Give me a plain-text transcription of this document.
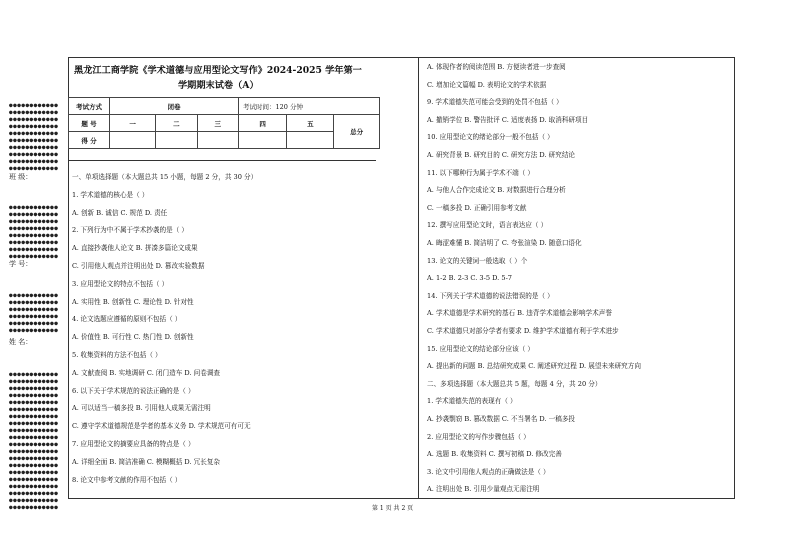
●●●●●●●●●●●●
●●●●●●●●●●●●
●●●●●●●●●●●●
●●●●●●●●●●●●
●●●●●●●●●●●●
●●●●●●●●●●●●
●●●●●●●●●●●●
●●●●●●●●●●●●
●●●●●●●●●●●●
●●●●●●●●●●●●

班 级：

●●●●●●●●●●●●
●●●●●●●●●●●●
●●●●●●●●●●●●
●●●●●●●●●●●●
●●●●●●●●●●●●
●●●●●●●●●●●●
●●●●●●●●●●●●
●●●●●●●●●●●●

学 号：

●●●●●●●●●●●●
●●●●●●●●●●●●
●●●●●●●●●●●●
●●●●●●●●●●●●
●●●●●●●●●●●●
●●●●●●●●●●●●

姓 名：

●●●●●●●●●●●●
●●●●●●●●●●●●
●●●●●●●●●●●●
●●●●●●●●●●●●
●●●●●●●●●●●●
●●●●●●●●●●●●
●●●●●●●●●●●●
●●●●●●●●●●●●
●●●●●●●●●●●●
●●●●●●●●●●●●
●●●●●●●●●●●●
●●●●●●●●●●●●
●●●●●●●●●●●●
●●●●●●●●●●●●
●●●●●●●●●●●●
●●●●●●●●●●●●
●●●●●●●●●●●●
●●●●●●●●●●●●
●●●●●●●●●●●●
●●●●●●●●●●●●

黑龙江工商学院《学术道德与应用型论文写作》2024-2025 学年第一
学期期末试卷（A）
考试方式	闭卷			考试时间：120 分钟		
题 号	一	二	三	四	五	总分
得 分						
一、单项选择题（本大题总共 15 小题，每题 2 分，共 30 分）
1. 学术道德的核心是（ ）
A. 创新 B. 诚信 C. 规范 D. 责任
2. 下列行为中不属于学术抄袭的是（ ）
A. 直接抄袭他人论文 B. 拼凑多篇论文成果
C. 引用他人观点并注明出处 D. 篡改实验数据
3. 应用型论文的特点不包括（ ）
A. 实用性 B. 创新性 C. 理论性 D. 针对性
4. 论文选题应遵循的原则不包括（ ）
A. 价值性 B. 可行性 C. 热门性 D. 创新性
5. 收集资料的方法不包括（ ）
A. 文献查阅 B. 实地调研 C. 闭门造车 D. 问卷调查
6. 以下关于学术规范的说法正确的是（ ）
A. 可以适当一稿多投 B. 引用他人成果无需注明
C. 遵守学术道德规范是学者的基本义务 D. 学术规范可有可无
7. 应用型论文的摘要应具备的特点是（ ）
A. 详细全面 B. 简洁准确 C. 模糊概括 D. 冗长复杂
8. 论文中参考文献的作用不包括（ ）
A. 体现作者的阅读范围 B. 方便读者进一步查阅
C. 增加论文篇幅 D. 表明论文的学术依据
9. 学术道德失范可能会受到的处罚不包括（ ）
A. 撤销学位 B. 警告批评 C. 适度表扬 D. 取消科研项目
10. 应用型论文的绪论部分一般不包括（ ）
A. 研究背景 B. 研究目的 C. 研究方法 D. 研究结论
11. 以下哪种行为属于学术不端（ ）
A. 与他人合作完成论文 B. 对数据进行合理分析
C. 一稿多投 D. 正确引用参考文献
12. 撰写应用型论文时，语言表达应（ ）
A. 晦涩难懂 B. 简洁明了 C. 夸张渲染 D. 随意口语化
13. 论文的关键词一般选取（ ）个
A. 1-2 B. 2-3 C. 3-5 D. 5-7
14. 下列关于学术道德的说法错误的是（ ）
A. 学术道德是学术研究的基石 B. 违背学术道德会影响学术声誉
C. 学术道德只对部分学者有要求 D. 维护学术道德有利于学术进步
15. 应用型论文的结论部分应该（ ）
A. 提出新的问题 B. 总结研究成果 C. 阐述研究过程 D. 展望未来研究方向
二、多项选择题（本大题总共 5 题，每题 4 分，共 20 分）
1. 学术道德失范的表现有（ ）
A. 抄袭剽窃 B. 篡改数据 C. 不当署名 D. 一稿多投
2. 应用型论文的写作步骤包括（ ）
A. 选题 B. 收集资料 C. 撰写初稿 D. 修改完善
3. 论文中引用他人观点的正确做法是（ ）
A. 注明出处 B. 引用少量观点无需注明
第 1 页 共 2 页
